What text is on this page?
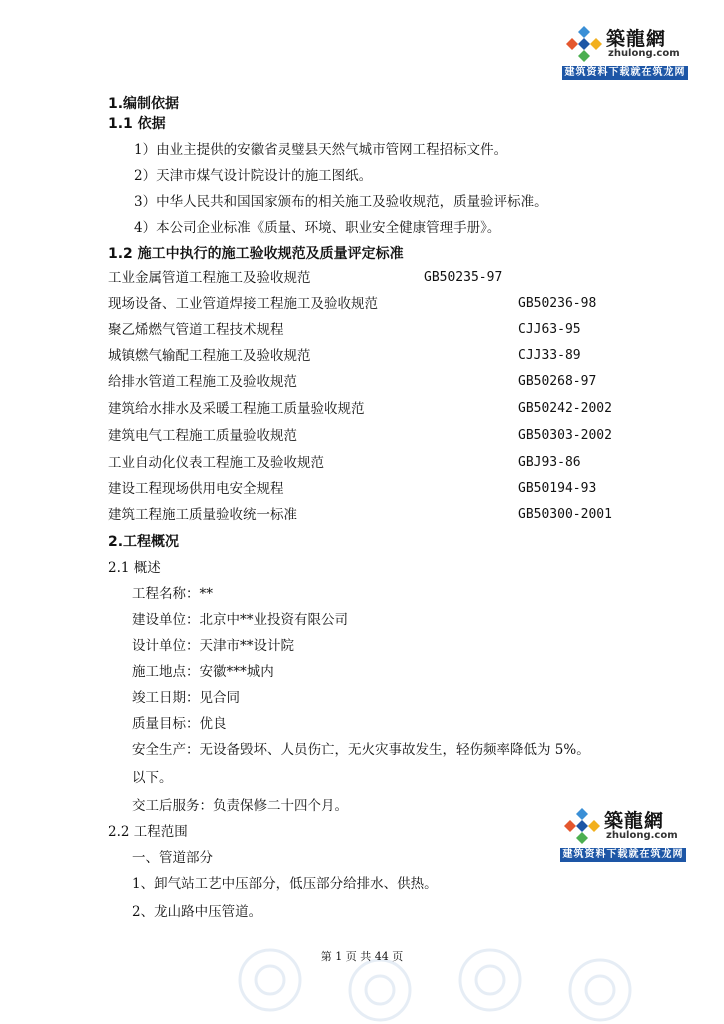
築龍網
zhulong.com
建筑资料下载就在筑龙网
1.编制依据
1.1 依据
1）由业主提供的安徽省灵璧县天然气城市管网工程招标文件。
2）天津市煤气设计院设计的施工图纸。
3）中华人民共和国国家颁布的相关施工及验收规范，质量验评标准。
4）本公司企业标准《质量、环境、职业安全健康管理手册》。
1.2 施工中执行的施工验收规范及质量评定标准
工业金属管道工程施工及验收规范	GB50235-97
现场设备、工业管道焊接工程施工及验收规范	GB50236-98
聚乙烯燃气管道工程技术规程	CJJ63-95
城镇燃气输配工程施工及验收规范	CJJ33-89
给排水管道工程施工及验收规范	GB50268-97
建筑给水排水及采暖工程施工质量验收规范	GB50242-2002
建筑电气工程施工质量验收规范	GB50303-2002
工业自动化仪表工程施工及验收规范	GBJ93-86
建设工程现场供用电安全规程	GB50194-93
建筑工程施工质量验收统一标准	GB50300-2001
2.工程概况
2.1 概述
工程名称：**
建设单位：北京中**业投资有限公司
设计单位：天津市**设计院
施工地点：安徽***城内
竣工日期：见合同
质量目标：优良
安全生产：无设备毁坏、人员伤亡，无火灾事故发生，轻伤频率降低为 5%。
以下。
交工后服务：负责保修二十四个月。
2.2 工程范围
一、管道部分
1、卸气站工艺中压部分，低压部分给排水、供热。
2、龙山路中压管道。
築龍網
zhulong.com
建筑资料下载就在筑龙网
第 1 页 共 44 页
